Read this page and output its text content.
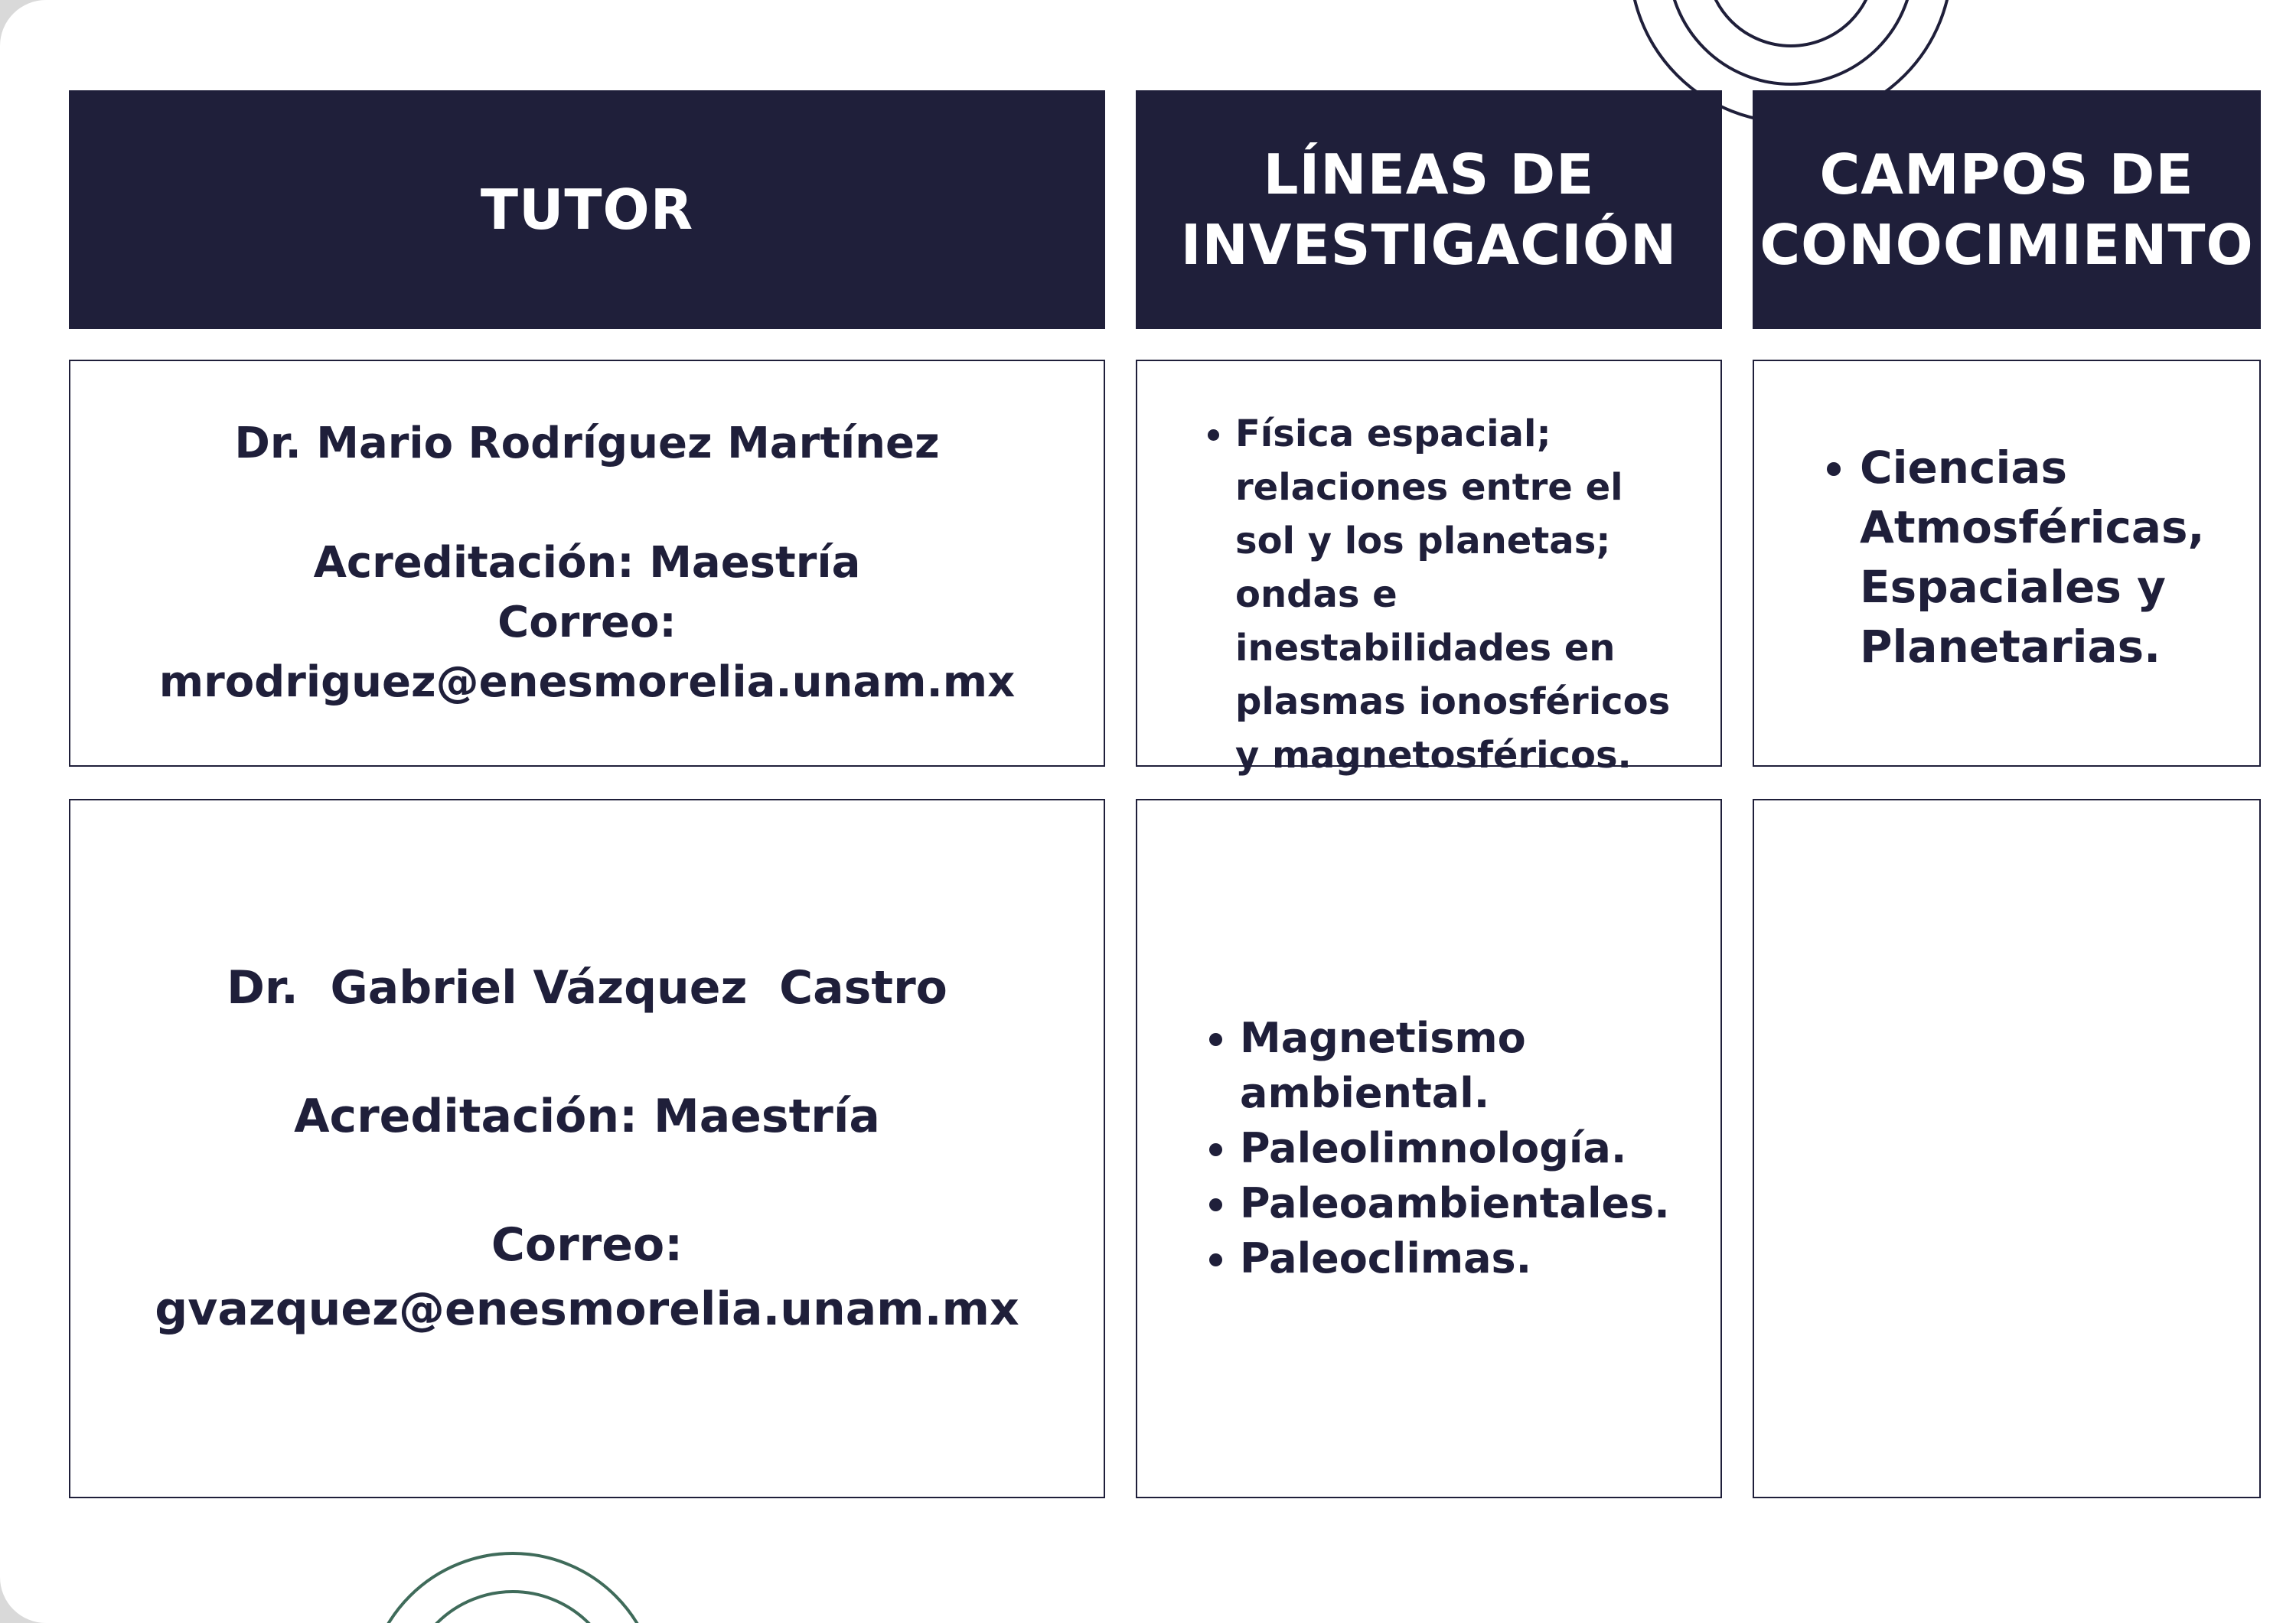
TUTOR
LÍNEAS DE INVESTIGACIÓN
CAMPOS DE CONOCIMIENTO
Dr. Mario Rodríguez Martínez
Acreditación: Maestría
Correo:
mrodriguez@enesmorelia.unam.mx
• Física espacial; relaciones entre el sol y los planetas; ondas e inestabilidades en plasmas ionosféricos y magnetosféricos.
• Ciencias Atmosféricas, Espaciales y Planetarias.
Dr.  Gabriel Vázquez  Castro
Acreditación: Maestría
Correo:
gvazquez@enesmorelia.unam.mx
• Magnetismo ambiental.
• Paleolimnología.
• Paleoambientales.
• Paleoclimas.
